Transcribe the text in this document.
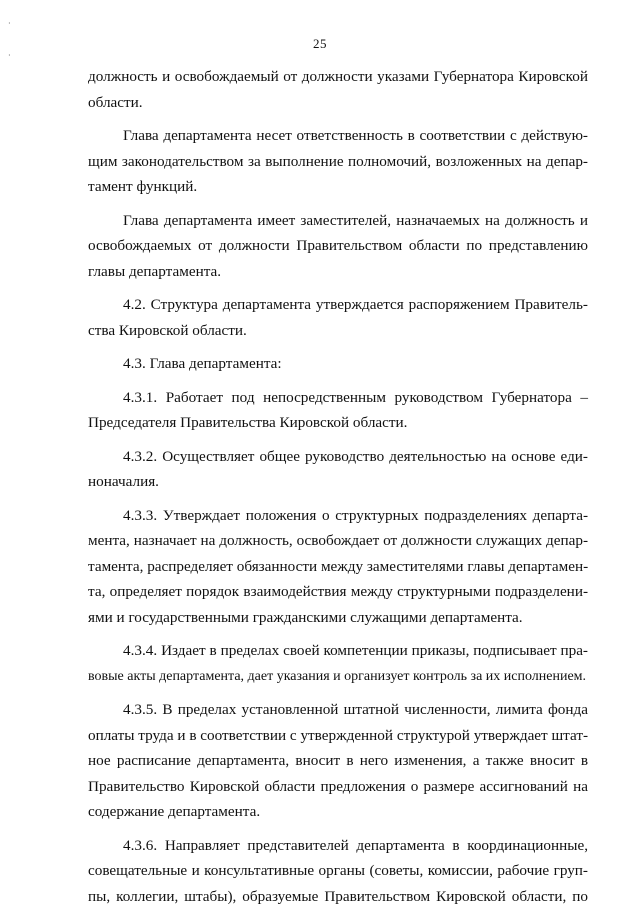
·
·
25
должность и освобождаемый от должности указами Губернатора Кировской
области.
Глава департамента несет ответственность в соответствии с действую-
щим законодательством за выполнение полномочий, возложенных на депар-
тамент функций.
Глава департамента имеет заместителей, назначаемых на должность и
освобождаемых от должности Правительством области по представлению
главы департамента.
4.2. Структура департамента утверждается распоряжением Правитель-
ства Кировской области.
4.3. Глава департамента:
4.3.1. Работает под непосредственным руководством Губернатора –
Председателя Правительства Кировской области.
4.3.2. Осуществляет общее руководство деятельностью на основе еди-
ноначалия.
4.3.3. Утверждает положения о структурных подразделениях департа-
мента, назначает на должность, освобождает от должности служащих депар-
тамента, распределяет обязанности между заместителями главы департамен-
та, определяет порядок взаимодействия между структурными подразделени-
ями и государственными гражданскими служащими департамента.
4.3.4. Издает в пределах своей компетенции приказы, подписывает пра-
вовые акты департамента, дает указания и организует контроль за их исполнением.
4.3.5. В пределах установленной штатной численности, лимита фонда
оплаты труда и в соответствии с утвержденной структурой утверждает штат-
ное расписание департамента, вносит в него изменения, а также вносит в
Правительство Кировской области предложения о размере ассигнований на
содержание департамента.
4.3.6. Направляет представителей департамента в координационные,
совещательные и консультативные органы (советы, комиссии, рабочие груп-
пы, коллегии, штабы), образуемые Правительством Кировской области, по
